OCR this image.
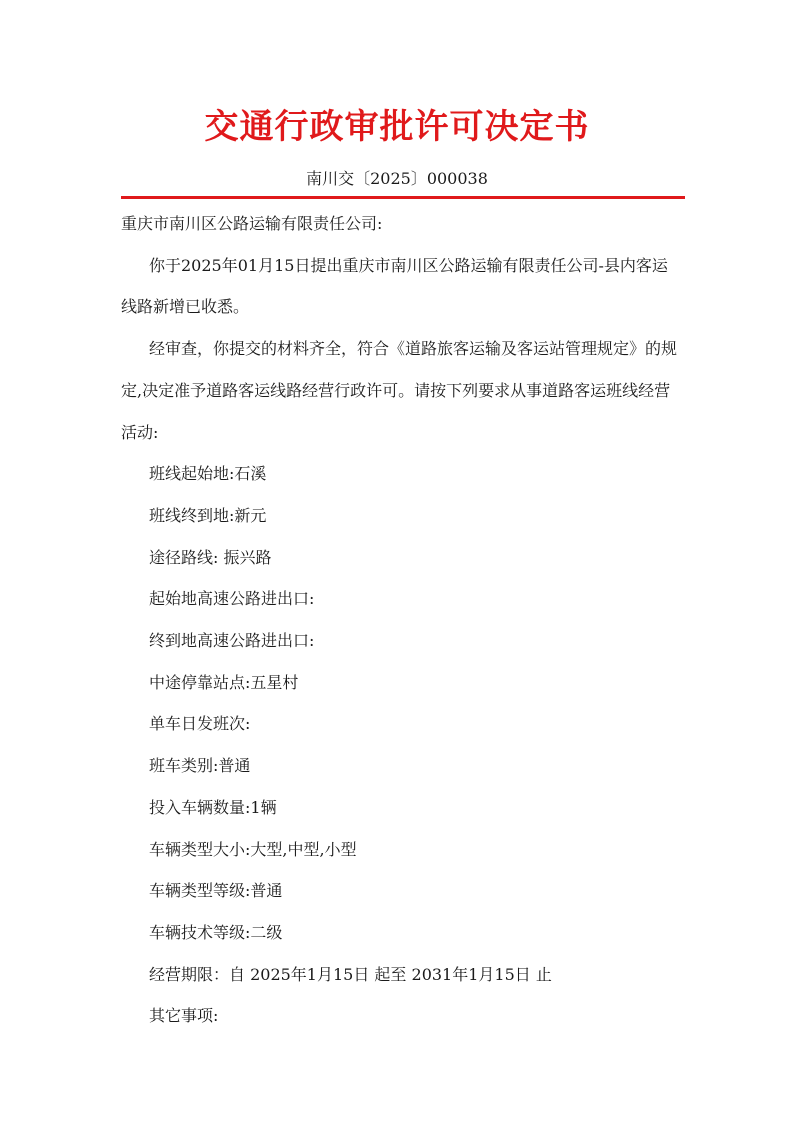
交通行政审批许可决定书
南川交〔2025〕000038

重庆市南川区公路运输有限责任公司:

你于2025年01月15日提出重庆市南川区公路运输有限责任公司-县内客运线路新增已收悉。

经审查，你提交的材料齐全，符合《道路旅客运输及客运站管理规定》的规定,决定准予道路客运线路经营行政许可。请按下列要求从事道路客运班线经营活动:

班线起始地:石溪

班线终到地:新元

途径路线: 振兴路

起始地高速公路进出口:

终到地高速公路进出口:

中途停靠站点:五星村

单车日发班次:

班车类别:普通

投入车辆数量:1辆

车辆类型大小:大型,中型,小型

车辆类型等级:普通

车辆技术等级:二级

经营期限：自 2025年1月15日 起至 2031年1月15日 止

其它事项:
